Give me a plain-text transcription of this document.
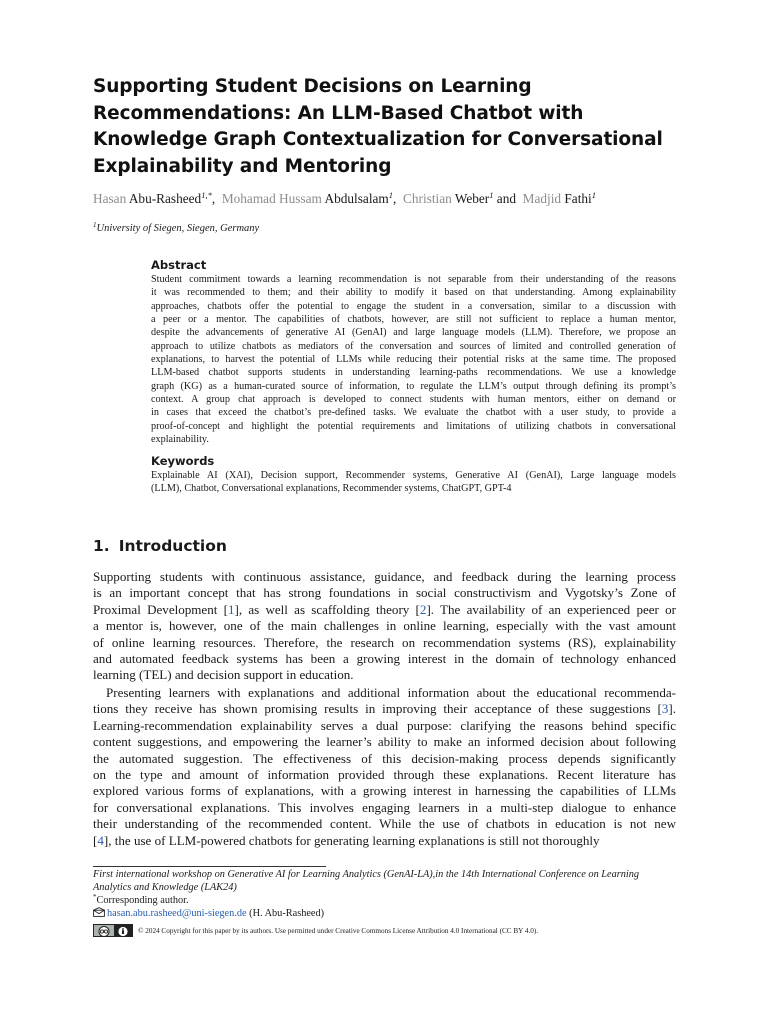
Supporting Student Decisions on Learning
Recommendations: An LLM-Based Chatbot with
Knowledge Graph Contextualization for Conversational
Explainability and Mentoring
Hasan Abu-Rasheed$^{1,*}$,  Mohamad Hussam Abdulsalam$^1$,  Christian Weber$^1$ and  Madjid Fathi$^1$
$^1$University of Siegen, Siegen, Germany
Abstract
Student commitment towards a learning recommendation is not separable from their understanding of the reasons
it was recommended to them; and their ability to modify it based on that understanding. Among explainability
approaches, chatbots offer the potential to engage the student in a conversation, similar to a discussion with
a peer or a mentor. The capabilities of chatbots, however, are still not sufficient to replace a human mentor,
despite the advancements of generative AI (GenAI) and large language models (LLM). Therefore, we propose an
approach to utilize chatbots as mediators of the conversation and sources of limited and controlled generation of
explanations, to harvest the potential of LLMs while reducing their potential risks at the same time. The proposed
LLM-based chatbot supports students in understanding learning-paths recommendations. We use a knowledge
graph (KG) as a human-curated source of information, to regulate the LLM’s output through defining its prompt’s
context. A group chat approach is developed to connect students with human mentors, either on demand or
in cases that exceed the chatbot’s pre-defined tasks. We evaluate the chatbot with a user study, to provide a
proof-of-concept and highlight the potential requirements and limitations of utilizing chatbots in conversational
explainability.
Keywords
Explainable AI (XAI), Decision support, Recommender systems, Generative AI (GenAI), Large language models
(LLM), Chatbot, Conversational explanations, Recommender systems, ChatGPT, GPT-4
1. Introduction
Supporting students with continuous assistance, guidance, and feedback during the learning process
is an important concept that has strong foundations in social constructivism and Vygotsky’s Zone of
Proximal Development [1], as well as scaffolding theory [2]. The availability of an experienced peer or
a mentor is, however, one of the main challenges in online learning, especially with the vast amount
of online learning resources. Therefore, the research on recommendation systems (RS), explainability
and automated feedback systems has been a growing interest in the domain of technology enhanced
learning (TEL) and decision support in education.
Presenting learners with explanations and additional information about the educational recommenda-
tions they receive has shown promising results in improving their acceptance of these suggestions [3].
Learning-recommendation explainability serves a dual purpose: clarifying the reasons behind specific
content suggestions, and empowering the learner’s ability to make an informed decision about following
the automated suggestion. The effectiveness of this decision-making process depends significantly
on the type and amount of information provided through these explanations. Recent literature has
explored various forms of explanations, with a growing interest in harnessing the capabilities of LLMs
for conversational explanations. This involves engaging learners in a multi-step dialogue to enhance
their understanding of the recommended content. While the use of chatbots in education is not new
[4], the use of LLM-powered chatbots for generating learning explanations is still not thoroughly
First international workshop on Generative AI for Learning Analytics (GenAI-LA),in the 14th International Conference on Learning
Analytics and Knowledge (LAK24)
*Corresponding author.
hasan.abu.rasheed@uni-siegen.de (H. Abu-Rasheed)
© 2024 Copyright for this paper by its authors. Use permitted under Creative Commons License Attribution 4.0 International (CC BY 4.0).
